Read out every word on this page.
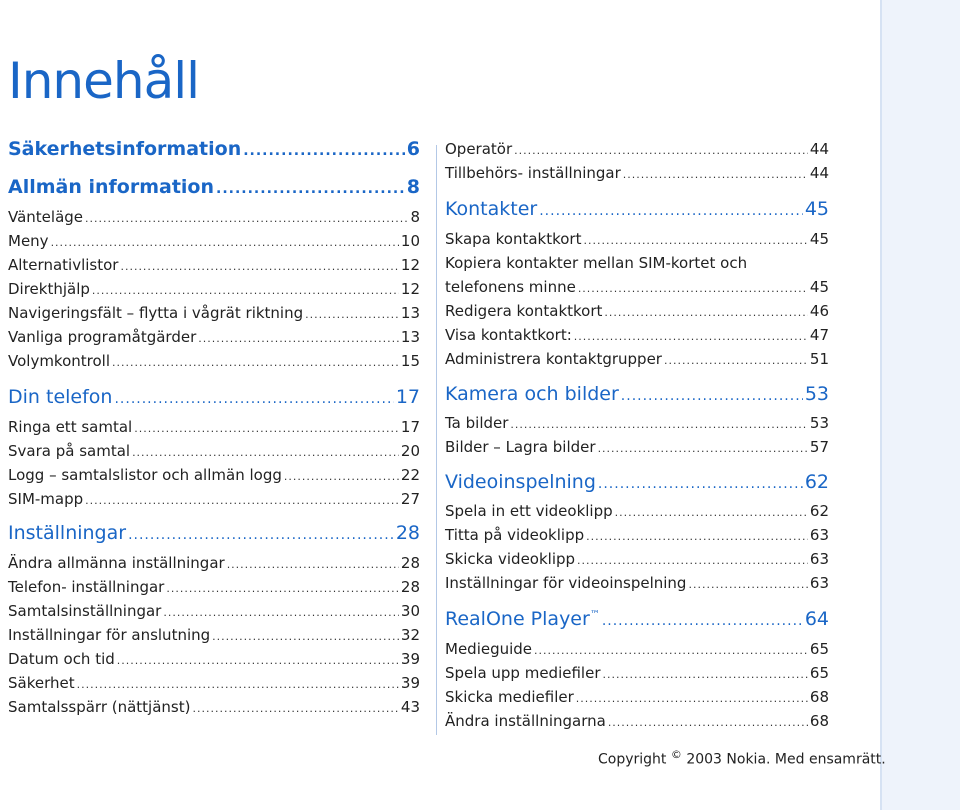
Innehåll
Säkerhetsinformation .....	6
Allmän information .....	8
Vänteläge .....	8
Meny .....	10
Alternativlistor .....	12
Direkthjälp .....	12
Navigeringsfält – flytta i vågrät riktning .....	13
Vanliga programåtgärder .....	13
Volymkontroll .....	15
Din telefon .....	17
Ringa ett samtal .....	17
Svara på samtal .....	20
Logg – samtalslistor och allmän logg .....	22
SIM-mapp .....	27
Inställningar .....	28
Ändra allmänna inställningar .....	28
Telefon- inställningar .....	28
Samtalsinställningar .....	30
Inställningar för anslutning .....	32
Datum och tid .....	39
Säkerhet .....	39
Samtalsspärr (nättjänst) .....	43
Operatör .....	44
Tillbehörs- inställningar .....	44
Kontakter .....	45
Skapa kontaktkort .....	45
Kopiera kontakter mellan SIM-kortet och
telefonens minne .....	45
Redigera kontaktkort .....	46
Visa kontaktkort: .....	47
Administrera kontaktgrupper .....	51
Kamera och bilder .....	53
Ta bilder .....	53
Bilder – Lagra bilder .....	57
Videoinspelning .....	62
Spela in ett videoklipp .....	62
Titta på videoklipp .....	63
Skicka videoklipp .....	63
Inställningar för videoinspelning .....	63
RealOne Player™ .....	64
Medieguide .....	65
Spela upp mediefiler .....	65
Skicka mediefiler .....	68
Ändra inställningarna .....	68
Copyright © 2003 Nokia. Med ensamrätt.
